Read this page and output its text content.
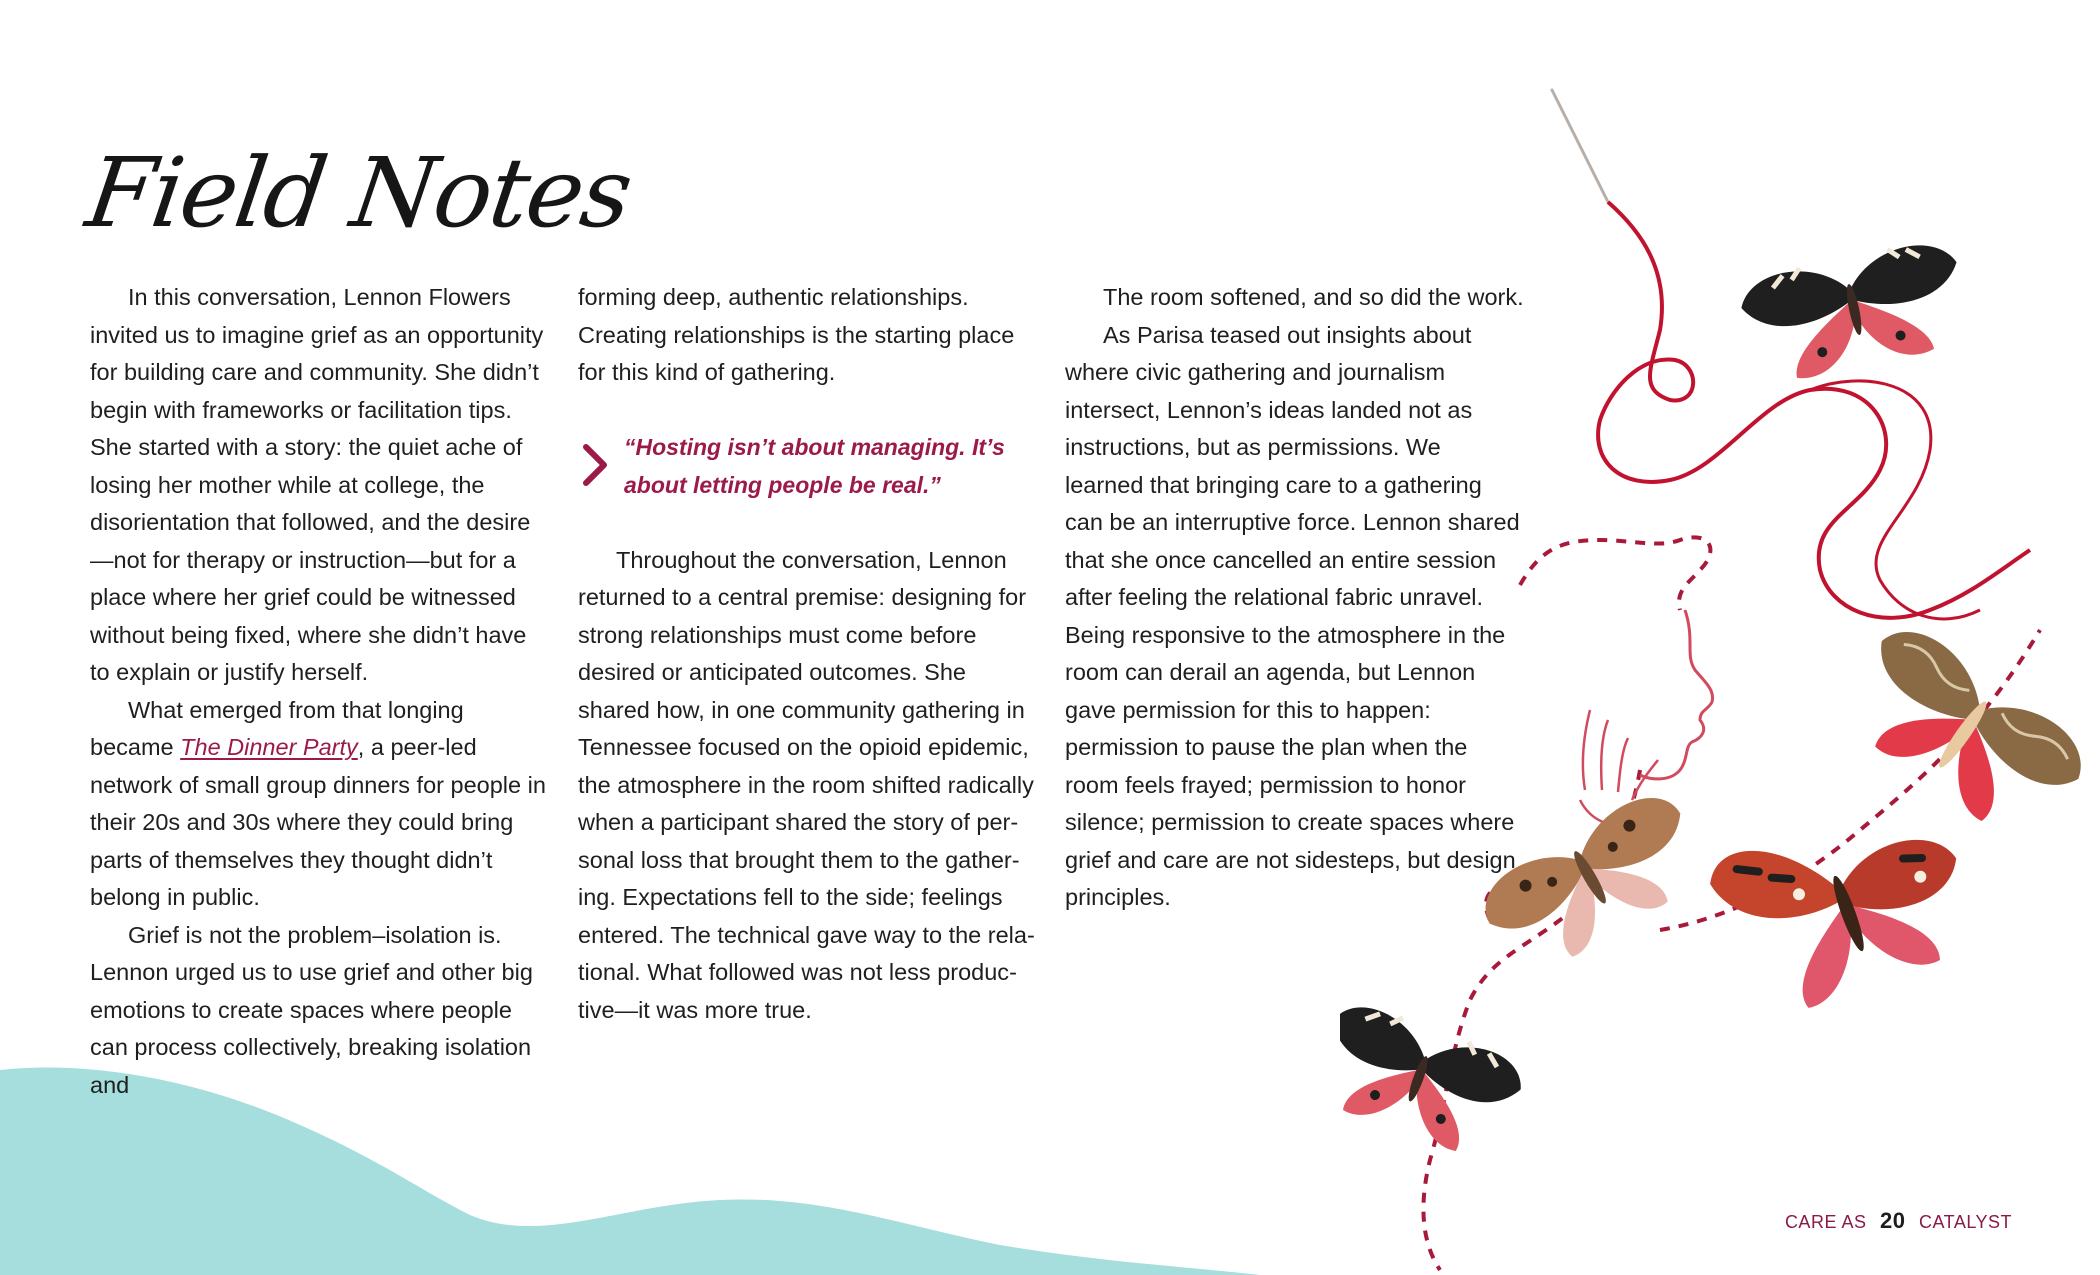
Field Notes

In this conversation, Lennon Flowers invited us to imagine grief as an opportunity for building care and community. She didn’t begin with frameworks or facilitation tips. She started with a story: the quiet ache of losing her mother while at college, the disorientation that followed, and the desire—not for therapy or instruction—but for a place where her grief could be witnessed without being fixed, where she didn’t have to explain or justify herself.

What emerged from that longing became The Dinner Party, a peer-led network of small group dinners for people in their 20s and 30s where they could bring parts of themselves they thought didn’t belong in public.

Grief is not the problem–isolation is. Lennon urged us to use grief and other big emotions to create spaces where people can process collectively, breaking isolation and

forming deep, authentic relationships. Creating relationships is the starting place for this kind of gathering.

“Hosting isn’t about managing. It’s about letting people be real.”

Throughout the conversation, Lennon returned to a central premise: designing for strong relationships must come before desired or anticipated outcomes. She shared how, in one community gathering in Tennessee focused on the opioid epidemic, the atmosphere in the room shifted radically when a participant shared the story of personal loss that brought them to the gathering. Expectations fell to the side; feelings entered. The technical gave way to the relational. What followed was not less productive—it was more true.

The room softened, and so did the work.

As Parisa teased out insights about where civic gathering and journalism intersect, Lennon’s ideas landed not as instructions, but as permissions. We learned that bringing care to a gathering can be an interruptive force. Lennon shared that she once cancelled an entire session after feeling the relational fabric unravel. Being responsive to the atmosphere in the room can derail an agenda, but Lennon gave permission for this to happen: permission to pause the plan when the room feels frayed; permission to honor silence; permission to create spaces where grief and care are not sidesteps, but design principles.

CARE AS 20 CATALYST
